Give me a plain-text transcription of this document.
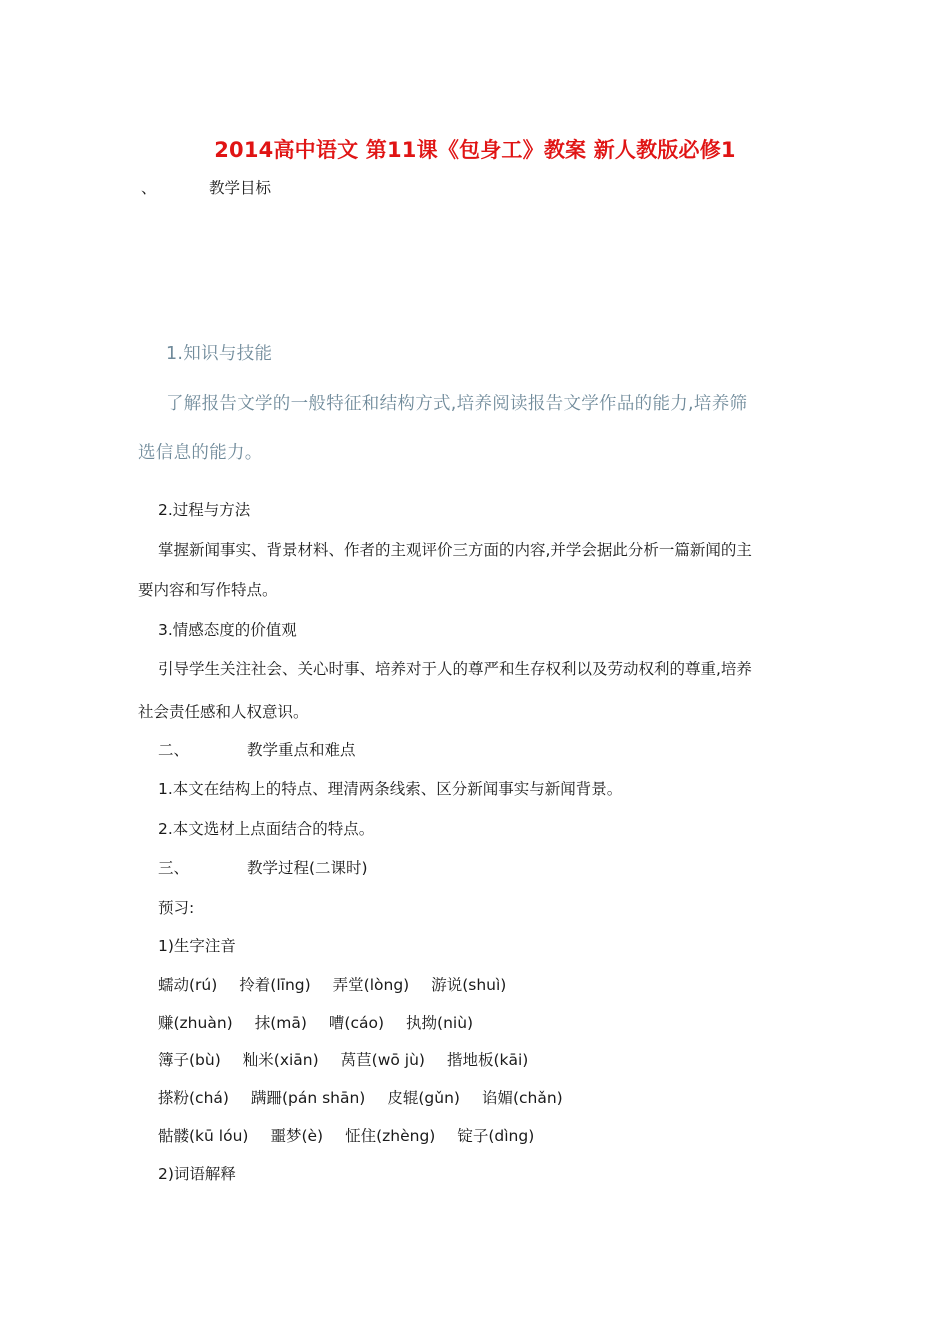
2014高中语文 第11课《包身工》教案 新人教版必修1
、	教学目标
1.知识与技能
了解报告文学的一般特征和结构方式,培养阅读报告文学作品的能力,培养筛
选信息的能力。
2.过程与方法
掌握新闻事实、背景材料、作者的主观评价三方面的内容,并学会据此分析一篇新闻的主
要内容和写作特点。
3.情感态度的价值观
引导学生关注社会、关心时事、培养对于人的尊严和生存权利以及劳动权利的尊重,培养
社会责任感和人权意识。
二、	教学重点和难点
1.本文在结构上的特点、理清两条线索、区分新闻事实与新闻背景。
2.本文选材上点面结合的特点。
三、	教学过程(二课时)
预习:
1)生字注音
蠕动(rú) 拎着(līng) 弄堂(lòng) 游说(shuì)
赚(zhuàn) 抹(mā) 嘈(cáo) 执拗(niù)
簿子(bù) 籼米(xiān) 莴苣(wō jù) 揩地板(kāi)
搽粉(chá) 蹒跚(pán shān) 皮辊(gǔn) 谄媚(chǎn)
骷髅(kū lóu) 噩梦(è) 怔住(zhèng) 锭子(dìng)
2)词语解释
